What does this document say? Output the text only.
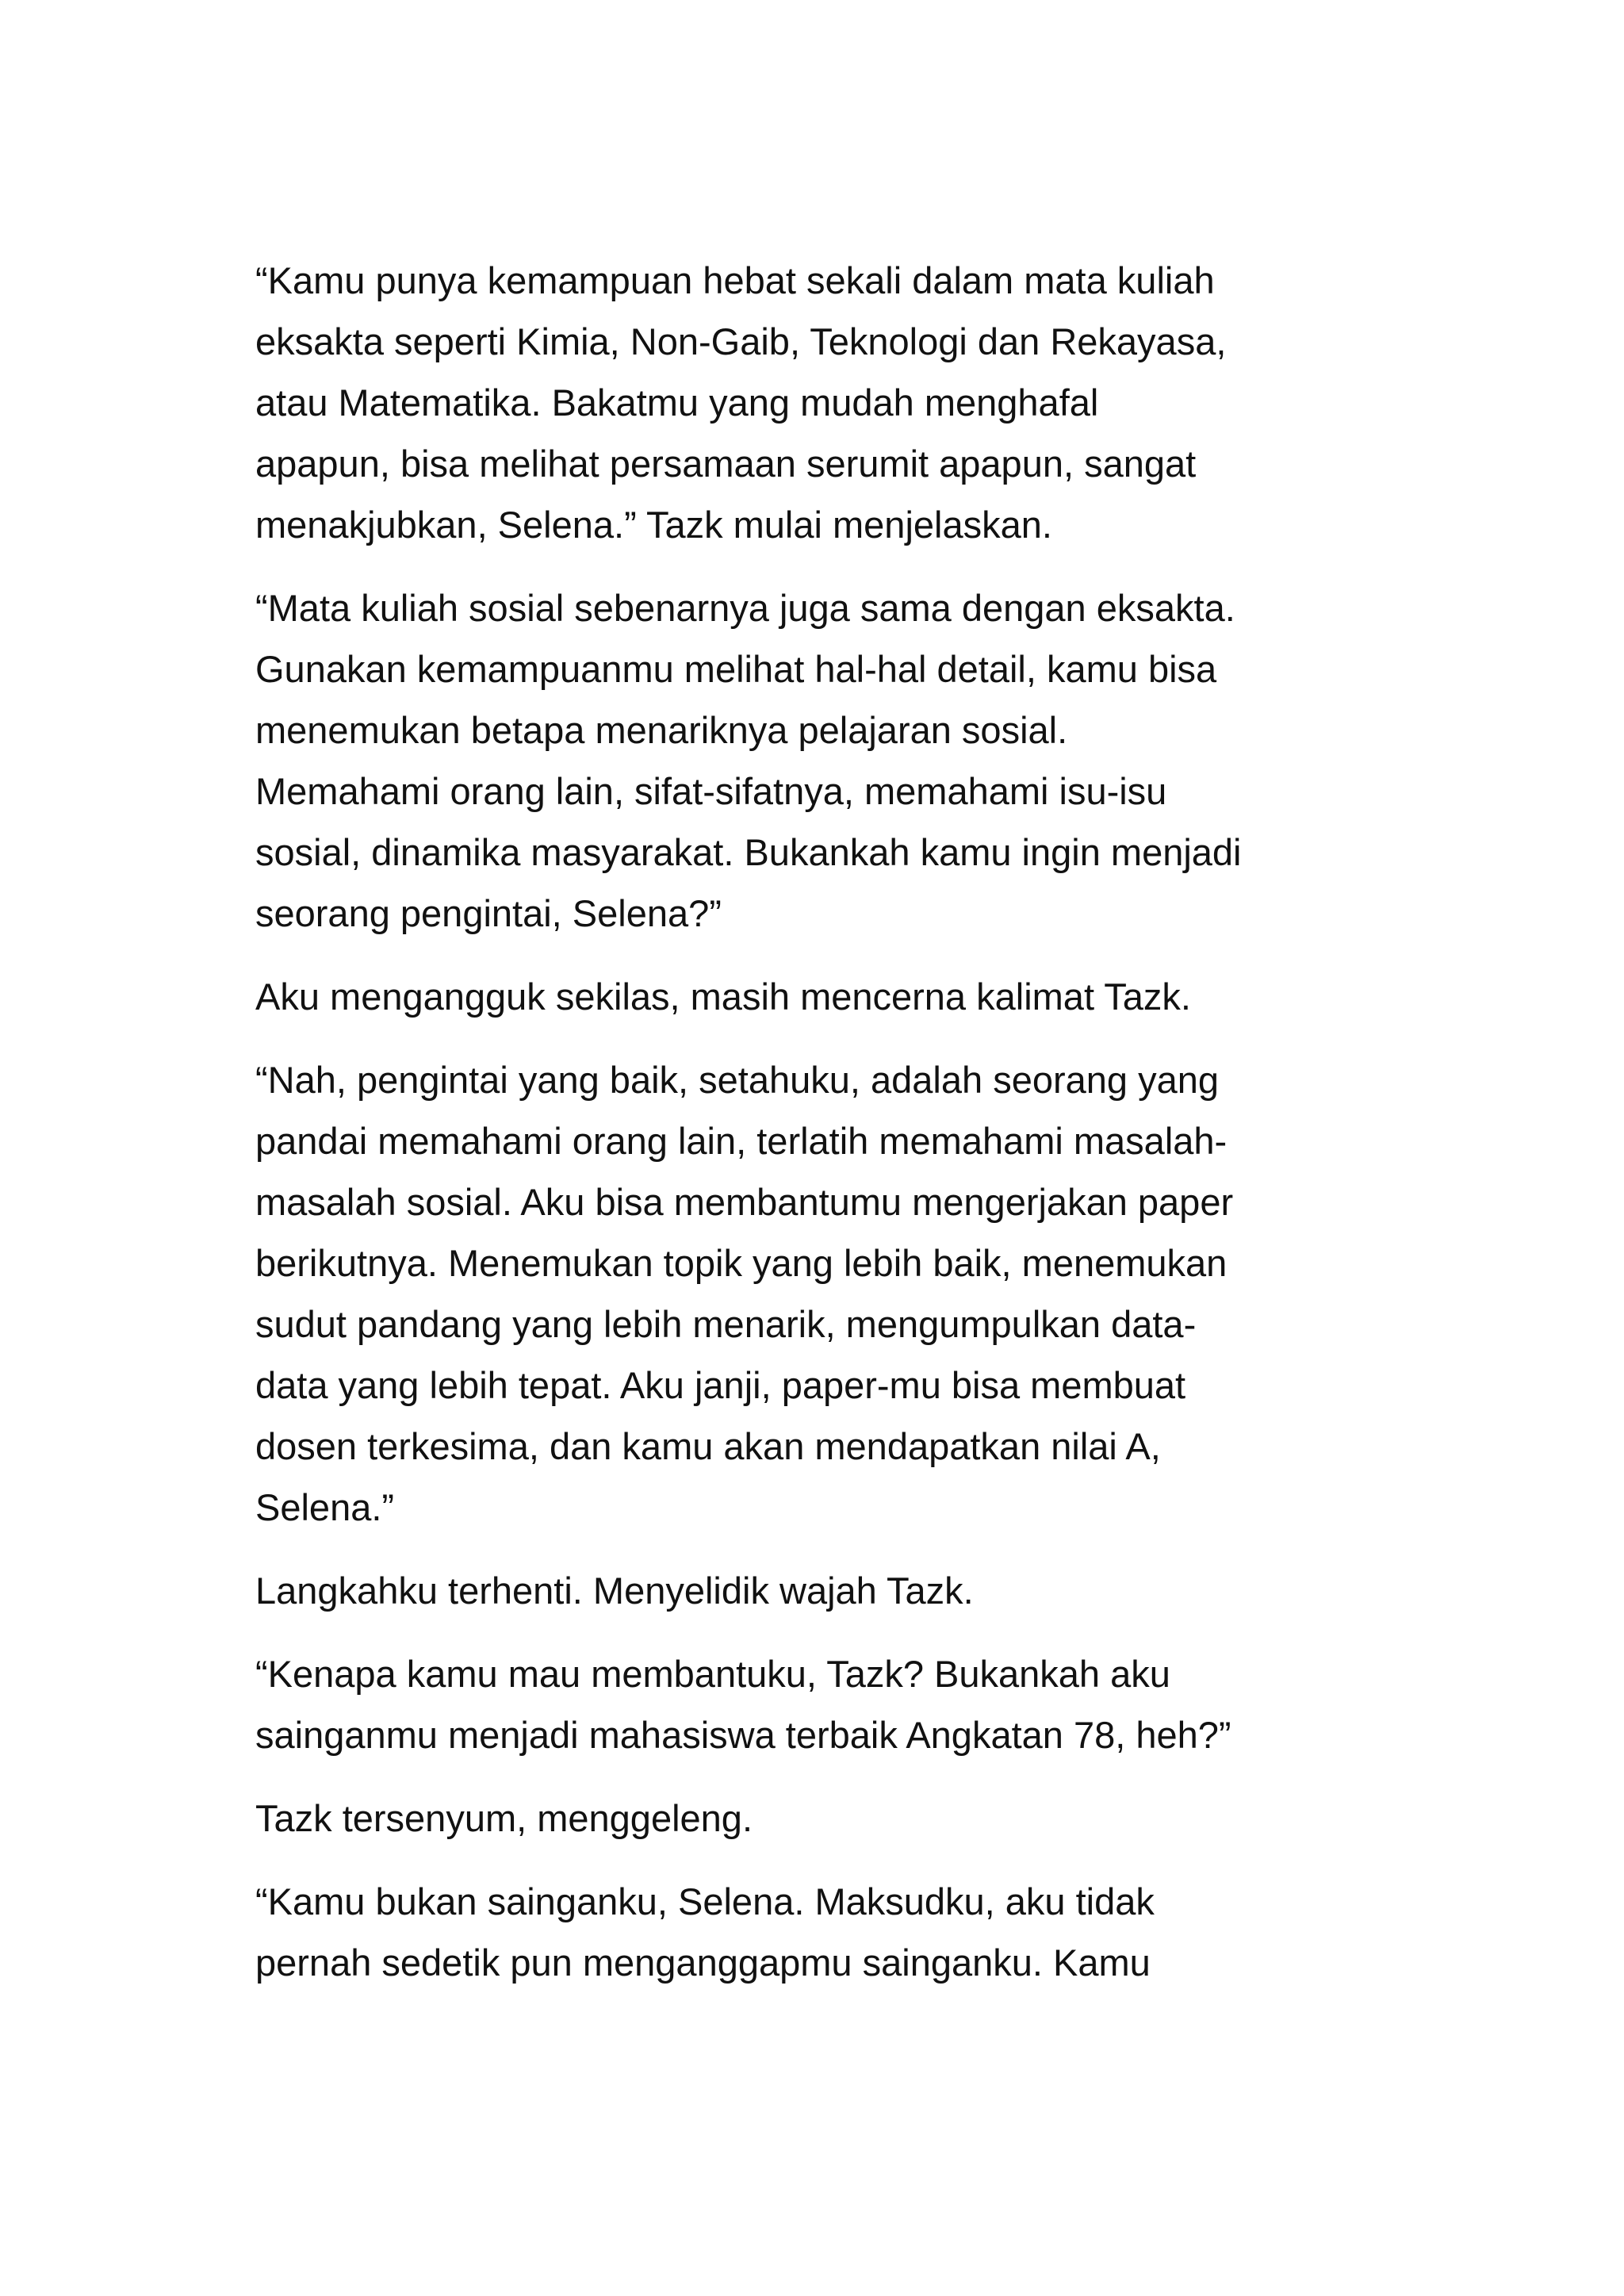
“Kamu punya kemampuan hebat sekali dalam mata kuliah
eksakta seperti Kimia, Non-Gaib, Teknologi dan Rekayasa,
atau Matematika. Bakatmu yang mudah menghafal
apapun, bisa melihat persamaan serumit apapun, sangat
menakjubkan, Selena.” Tazk mulai menjelaskan.

“Mata kuliah sosial sebenarnya juga sama dengan eksakta.
Gunakan kemampuanmu melihat hal-hal detail, kamu bisa
menemukan betapa menariknya pelajaran sosial.
Memahami orang lain, sifat-sifatnya, memahami isu-isu
sosial, dinamika masyarakat. Bukankah kamu ingin menjadi
seorang pengintai, Selena?”

Aku mengangguk sekilas, masih mencerna kalimat Tazk.

“Nah, pengintai yang baik, setahuku, adalah seorang yang
pandai memahami orang lain, terlatih memahami masalah-
masalah sosial. Aku bisa membantumu mengerjakan paper
berikutnya. Menemukan topik yang lebih baik, menemukan
sudut pandang yang lebih menarik, mengumpulkan data-
data yang lebih tepat. Aku janji, paper-mu bisa membuat
dosen terkesima, dan kamu akan mendapatkan nilai A,
Selena.”

Langkahku terhenti. Menyelidik wajah Tazk.

“Kenapa kamu mau membantuku, Tazk? Bukankah aku
sainganmu menjadi mahasiswa terbaik Angkatan 78, heh?”

Tazk tersenyum, menggeleng.

“Kamu bukan sainganku, Selena. Maksudku, aku tidak
pernah sedetik pun menganggapmu sainganku. Kamu
